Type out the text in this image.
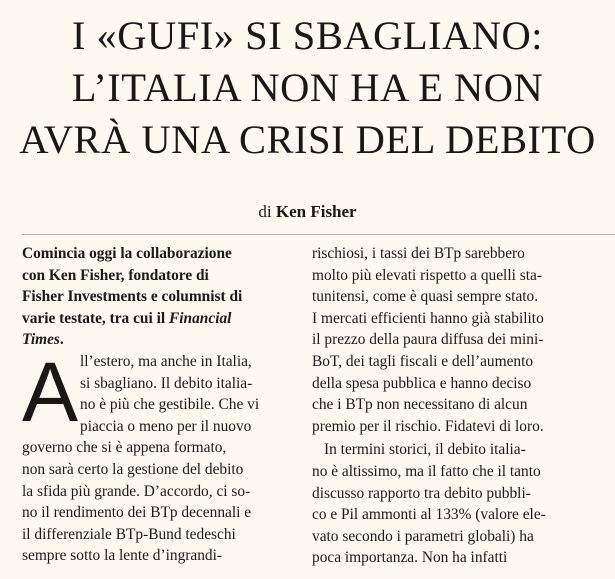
I «GUFI» SI SBAGLIANO:
L’ITALIA NON HA E NON
AVRÀ UNA CRISI DEL DEBITO
di Ken Fisher
Comincia oggi la collaborazione
con Ken Fisher, fondatore di
Fisher Investments e columnist di
varie testate, tra cui il Financial
Times.
A ll’estero, ma anche in Italia,
si sbagliano. Il debito italia-
no è più che gestibile. Che vi
piaccia o meno per il nuovo
governo che si è appena formato,
non sarà certo la gestione del debito
la sfida più grande. D’accordo, ci so-
no il rendimento dei BTp decennali e
il differenziale BTp-Bund tedeschi
sempre sotto la lente d’ingrandi-
rischiosi, i tassi dei BTp sarebbero
molto più elevati rispetto a quelli sta-
tunitensi, come è quasi sempre stato.
I mercati efficienti hanno già stabilito
il prezzo della paura diffusa dei mini-
BoT, dei tagli fiscali e dell’aumento
della spesa pubblica e hanno deciso
che i BTp non necessitano di alcun
premio per il rischio. Fidatevi di loro.
In termini storici, il debito italia-
no è altissimo, ma il fatto che il tanto
discusso rapporto tra debito pubbli-
co e Pil ammonti al 133% (valore ele-
vato secondo i parametri globali) ha
poca importanza. Non ha infatti
